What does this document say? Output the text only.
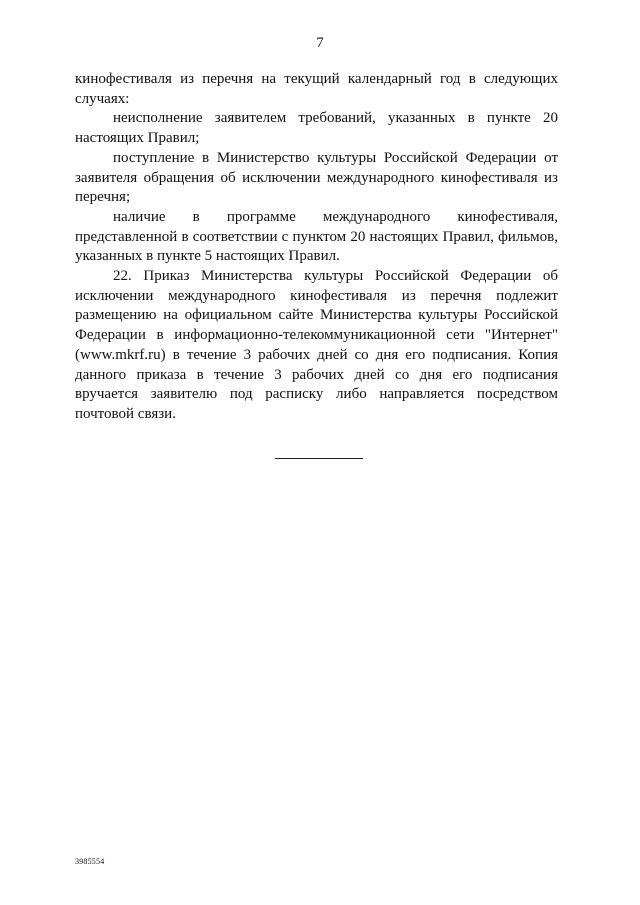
7

кинофестиваля из перечня на текущий календарный год в следующих случаях:

неисполнение заявителем требований, указанных в пункте 20 настоящих Правил;

поступление в Министерство культуры Российской Федерации от заявителя обращения об исключении международного кинофестиваля из перечня;

наличие в программе международного кинофестиваля, представленной в соответствии с пунктом 20 настоящих Правил, фильмов, указанных в пункте 5 настоящих Правил.

22. Приказ Министерства культуры Российской Федерации об исключении международного кинофестиваля из перечня подлежит размещению на официальном сайте Министерства культуры Российской Федерации в информационно-телекоммуникационной сети "Интернет" (www.mkrf.ru) в течение 3 рабочих дней со дня его подписания. Копия данного приказа в течение 3 рабочих дней со дня его подписания вручается заявителю под расписку либо направляется посредством почтовой связи.

3985554
